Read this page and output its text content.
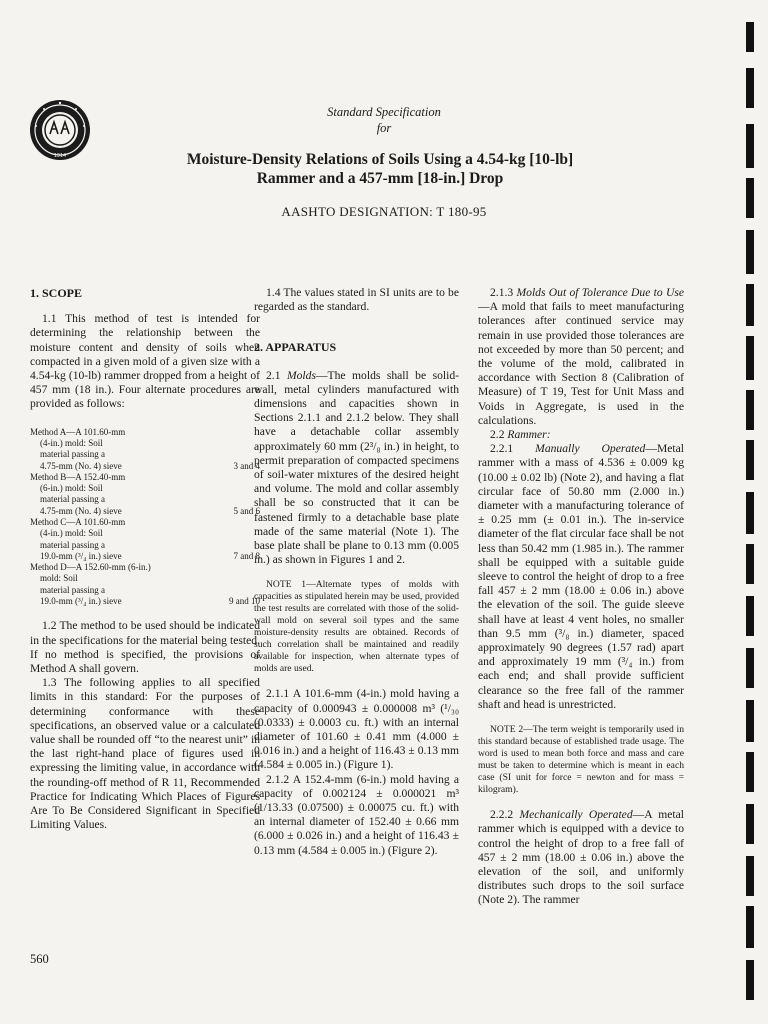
1914
Standard Specification
for
Moisture-Density Relations of Soils Using a 4.54-kg [10-lb]
Rammer and a 457-mm [18-in.] Drop
AASHTO DESIGNATION: T 180-95
1. SCOPE

1.1 This method of test is intended for determining the relationship between the moisture content and density of soils when compacted in a given mold of a given size with a 4.54-kg (10-lb) rammer dropped from a height of 457 mm (18 in.). Four alternate procedures are provided as follows:

Method A—A 101.60-mm
(4-in.) mold: Soil
material passing a
4.75-mm (No. 4) sieve	3 and 4
Method B—A 152.40-mm
(6-in.) mold: Soil
material passing a
4.75-mm (No. 4) sieve	5 and 6
Method C—A 101.60-mm
(4-in.) mold: Soil
material passing a
19.0-mm (³/₄ in.) sieve	7 and 8
Method D—A 152.60-mm (6-in.)
mold: Soil
material passing a
19.0-mm (³/₄ in.) sieve	9 and 10

1.2 The method to be used should be indicated in the specifications for the material being tested. If no method is specified, the provisions of Method A shall govern.

1.3 The following applies to all specified limits in this standard: For the purposes of determining conformance with these specifications, an observed value or a calculated value shall be rounded off “to the nearest unit” in the last right-hand place of figures used in expressing the limiting value, in accordance with the rounding-off method of R 11, Recommended Practice for Indicating Which Places of Figures Are To Be Considered Significant in Specified Limiting Values.

1.4 The values stated in SI units are to be regarded as the standard.

2. APPARATUS

2.1 Molds—The molds shall be solid-wall, metal cylinders manufactured with dimensions and capacities shown in Sections 2.1.1 and 2.1.2 below. They shall have a detachable collar assembly approximately 60 mm (2³/₈ in.) in height, to permit preparation of compacted specimens of soil-water mixtures of the desired height and volume. The mold and collar assembly shall be so constructed that it can be fastened firmly to a detachable base plate made of the same material (Note 1). The base plate shall be plane to 0.13 mm (0.005 in.) as shown in Figures 1 and 2.

NOTE 1—Alternate types of molds with capacities as stipulated herein may be used, provided the test results are correlated with those of the solid-wall mold on several soil types and the same moisture-density results are obtained. Records of such correlation shall be maintained and readily available for inspection, when alternate types of molds are used.

2.1.1 A 101.6-mm (4-in.) mold having a capacity of 0.000943 ± 0.000008 m³ (¹/₃₀ (0.0333) ± 0.0003 cu. ft.) with an internal diameter of 101.60 ± 0.41 mm (4.000 ± 0.016 in.) and a height of 116.43 ± 0.13 mm (4.584 ± 0.005 in.) (Figure 1).

2.1.2 A 152.4-mm (6-in.) mold having a capacity of 0.002124 ± 0.000021 m³ (1/13.33 (0.07500) ± 0.00075 cu. ft.) with an internal diameter of 152.40 ± 0.66 mm (6.000 ± 0.026 in.) and a height of 116.43 ± 0.13 mm (4.584 ± 0.005 in.) (Figure 2).

2.1.3 Molds Out of Tolerance Due to Use—A mold that fails to meet manufacturing tolerances after continued service may remain in use provided those tolerances are not exceeded by more than 50 percent; and the volume of the mold, calibrated in accordance with Section 8 (Calibration of Measure) of T 19, Test for Unit Mass and Voids in Aggregate, is used in the calculations.

2.2 Rammer:

2.2.1 Manually Operated—Metal rammer with a mass of 4.536 ± 0.009 kg (10.00 ± 0.02 lb) (Note 2), and having a flat circular face of 50.80 mm (2.000 in.) diameter with a manufacturing tolerance of ± 0.25 mm (± 0.01 in.). The in-service diameter of the flat circular face shall be not less than 50.42 mm (1.985 in.). The rammer shall be equipped with a suitable guide sleeve to control the height of drop to a free fall 457 ± 2 mm (18.00 ± 0.06 in.) above the elevation of the soil. The guide sleeve shall have at least 4 vent holes, no smaller than 9.5 mm (³/₈ in.) diameter, spaced approximately 90 degrees (1.57 rad) apart and approximately 19 mm (³/₄ in.) from each end; and shall provide sufficient clearance so the free fall of the rammer shaft and head is unrestricted.

NOTE 2—The term weight is temporarily used in this standard because of established trade usage. The word is used to mean both force and mass and care must be taken to determine which is meant in each case (SI unit for force = newton and for mass = kilogram).

2.2.2 Mechanically Operated—A metal rammer which is equipped with a device to control the height of drop to a free fall of 457 ± 2 mm (18.00 ± 0.06 in.) above the elevation of the soil, and uniformly distributes such drops to the soil surface (Note 2). The rammer

560
